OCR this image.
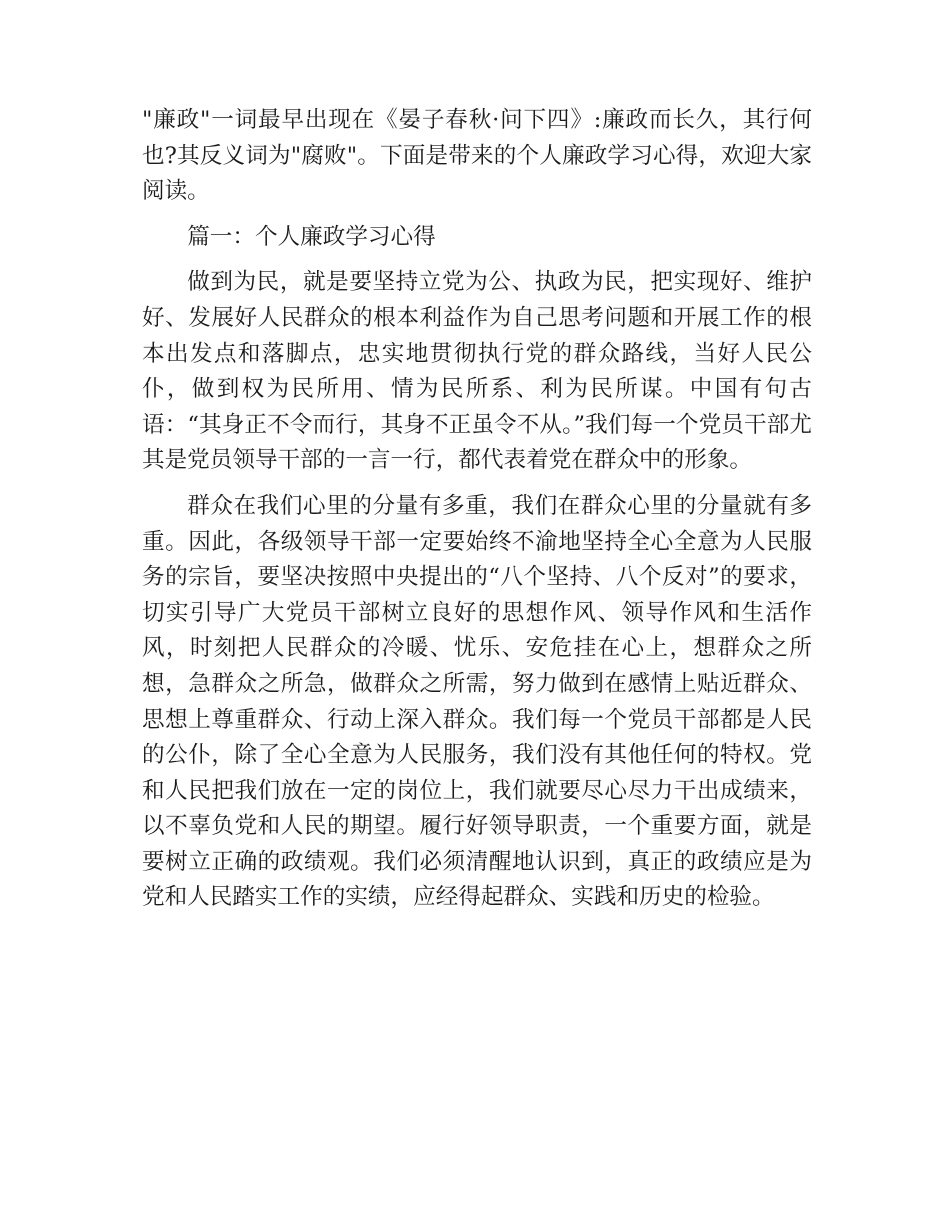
"廉政"一词最早出现在《晏子春秋·问下四》:廉政而长久，其行何也?其反义词为"腐败"。下面是带来的个人廉政学习心得，欢迎大家阅读。

篇一：个人廉政学习心得

做到为民，就是要坚持立党为公、执政为民，把实现好、维护好、发展好人民群众的根本利益作为自己思考问题和开展工作的根本出发点和落脚点，忠实地贯彻执行党的群众路线，当好人民公仆，做到权为民所用、情为民所系、利为民所谋。中国有句古语：“其身正不令而行，其身不正虽令不从。”我们每一个党员干部尤其是党员领导干部的一言一行，都代表着党在群众中的形象。

群众在我们心里的分量有多重，我们在群众心里的分量就有多重。因此，各级领导干部一定要始终不渝地坚持全心全意为人民服务的宗旨，要坚决按照中央提出的“八个坚持、八个反对”的要求，切实引导广大党员干部树立良好的思想作风、领导作风和生活作风，时刻把人民群众的冷暖、忧乐、安危挂在心上，想群众之所想，急群众之所急，做群众之所需，努力做到在感情上贴近群众、思想上尊重群众、行动上深入群众。我们每一个党员干部都是人民的公仆，除了全心全意为人民服务，我们没有其他任何的特权。党和人民把我们放在一定的岗位上，我们就要尽心尽力干出成绩来，以不辜负党和人民的期望。履行好领导职责，一个重要方面，就是要树立正确的政绩观。我们必须清醒地认识到，真正的政绩应是为党和人民踏实工作的实绩，应经得起群众、实践和历史的检验。
